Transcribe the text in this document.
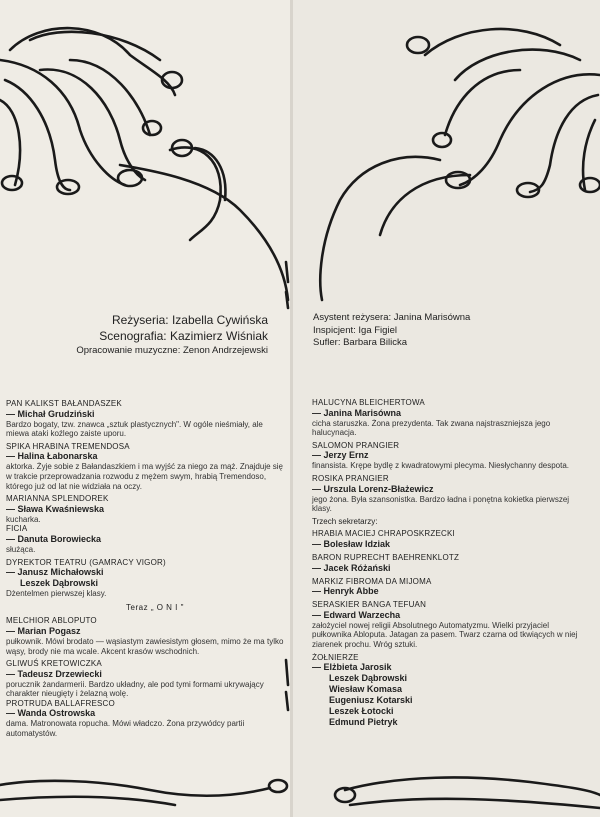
Reżyseria: Izabella Cywińska
Scenografia: Kazimierz Wiśniak
Opracowanie muzyczne: Zenon Andrzejewski
Asystent reżysera: Janina Marisówna
Inspicjent: Iga Figiel
Sufler: Barbara Bilicka
PAN KALIKST BAŁANDASZEK
— Michał Grudziński
Bardzo bogaty, tzw. znawca „sztuk plastycznych". W ogóle nieśmiały, ale miewa ataki koźlego zaiste uporu.
SPIKA HRABINA TREMENDOSA
— Halina Łabonarska
aktorka. Żyje sobie z Bałandaszkiem i ma wyjść za niego za mąż. Znajduje się w trakcie przeprowadzania rozwodu z mężem swym, hrabią Tremendoso, którego już od lat nie widziała na oczy.
MARIANNA SPLENDOREK
— Sława Kwaśniewska
kucharka.
FICIA
— Danuta Borowiecka
służąca.
DYREKTOR TEATRU (GAMRACY VIGOR)
— Janusz Michałowski
Leszek Dąbrowski
Dżentelmen pierwszej klasy.
Teraz „ O N I "
MELCHIOR ABLOPUTO
— Marian Pogasz
pułkownik. Mówi brodato — wąsiastym zawiesistym głosem, mimo że ma tylko wąsy, brody nie ma wcale. Akcent krasów wschodnich.
GLIWUŚ KRETOWICZKA
— Tadeusz Drzewiecki
porucznik żandarmerii. Bardzo układny, ale pod tymi formami ukrywający charakter nieugięty i żelazną wolę.
PROTRUDA BALLAFRESCO
— Wanda Ostrowska
dama. Matronowata ropucha. Mówi władczo. Żona przywódcy partii automatystów.
HALUCYNA BLEICHERTOWA
— Janina Marisówna
cicha staruszka. Żona prezydenta. Tak zwana najstraszniejsza jego halucynacja.
SALOMON PRANGIER
— Jerzy Ernz
finansista. Krępe bydlę z kwadratowymi plecyma. Niesłychanny despota.
ROSIKA PRANGIER
— Urszula Lorenz-Błażewicz
jego żona. Była szansonistka. Bardzo ładna i ponętna kokietka pierwszej klasy.
Trzech sekretarzy:
HRABIA MACIEJ CHRAPOSKRZECKI
— Bolesław Idziak
BARON RUPRECHT BAEHRENKLOTZ
— Jacek Różański
MARKIZ FIBROMA DA MIJOMA
— Henryk Abbe
SERASKIER BANGA TEFUAN
— Edward Warzecha
założyciel nowej religii Absolutnego Automatyzmu. Wielki przyjaciel pułkownika Abloputa. Jatagan za pasem. Twarz czarna od tkwiących w niej ziarenek prochu. Wróg sztuki.
ŻOŁNIERZE
— Elżbieta Jarosik
Leszek Dąbrowski
Wiesław Komasa
Eugeniusz Kotarski
Leszek Łotocki
Edmund Pietryk
